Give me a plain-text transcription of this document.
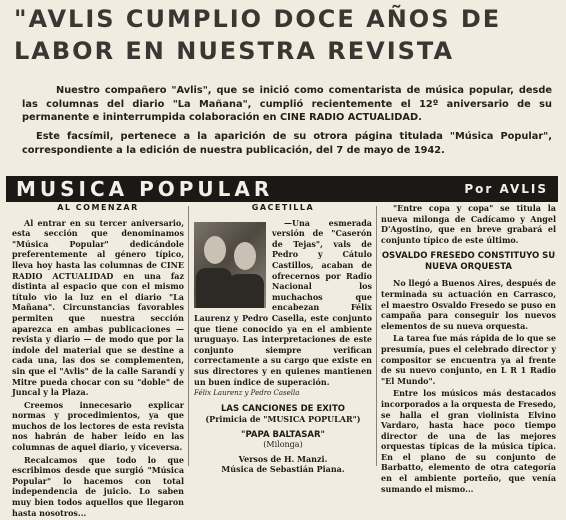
"AVLIS CUMPLIO DOCE AÑOS DE
LABOR EN NUESTRA REVISTA

Nuestro compañero "Avlis", que se inició como comentarista de música popular, desde las columnas del diario "La Mañana", cumplió recientemente el 12º aniversario de su permanente e ininterrumpida colaboración en CINE RADIO ACTUALIDAD.

Este facsímil, pertenece a la aparición de su otrora página titulada "Música Popular", correspondiente a la edición de nuestra publicación, del 7 de mayo de 1942.

MUSICA POPULAR	Por AVLIS

AL COMENZAR

Al entrar en su tercer aniversario, esta sección que denominamos "Música Popular" dedicándole preferentemente al género típico, lleva hoy hasta las columnas de CINE RADIO ACTUALIDAD en una faz distinta al espacio que con el mismo título vio la luz en el diario "La Mañana". Circunstancias favorables permiten que nuestra sección aparezca en ambas publicaciones — revista y diario — de modo que por la índole del material que se destine a cada una, las dos se complementen, sin que el "Avlis" de la calle Sarandí y Mitre pueda chocar con su "doble" de Juncal y la Plaza.

Creemos innecesario explicar normas y procedimientos, ya que muchos de los lectores de esta revista nos habrán de haber leído en las columnas de aquel diario, y viceversa.

Recalcamos que todo lo que escribimos desde que surgió "Música Popular" lo hacemos con total independencia de juicio. Lo saben muy bien todos aquellos que llegaron hasta nosotros...

GACETILLA

—Una esmerada versión de "Caserón de Tejas", vals de Pedro y Cátulo Castillos, acaban de ofrecernos por Radio Nacional los muchachos que encabezan Félix Laurenz y Pedro Casella, este conjunto que tiene conocido ya en el ambiente uruguayo. Las interpretaciones de este conjunto siempre verifican correctamente a su cargo que existe en sus directores y en quienes mantienen un buen índice de superación.

Félix Laurenz y Pedro Casella

LAS CANCIONES DE EXITO

(Primicia de "MUSICA POPULAR")

"PAPA BALTASAR"

(Milonga)

Versos de H. Manzi.

Música de Sebastián Piana.

"Entre copa y copa" se titula la nueva milonga de Cadícamo y Angel D'Agostino, que en breve grabará el conjunto típico de este último.

OSVALDO FRESEDO CONSTITUYO SU NUEVA ORQUESTA

No llegó a Buenos Aires, después de terminada su actuación en Carrasco, el maestro Osvaldo Fresedo se puso en campaña para conseguir los nuevos elementos de su nueva orquesta.

La tarea fue más rápida de lo que se presumía, pues el celebrado director y compositor se encuentra ya al frente de su nuevo conjunto, en L R 1 Radio "El Mundo".

Entre los músicos más destacados incorporados a la orquesta de Fresedo, se halla el gran violinista Elvino Vardaro, hasta hace poco tiempo director de una de las mejores orquestas típicas de la música típica. En el plano de su conjunto de Barbatto, elemento de otra categoría en el ambiente porteño, que venía sumando el mismo...
